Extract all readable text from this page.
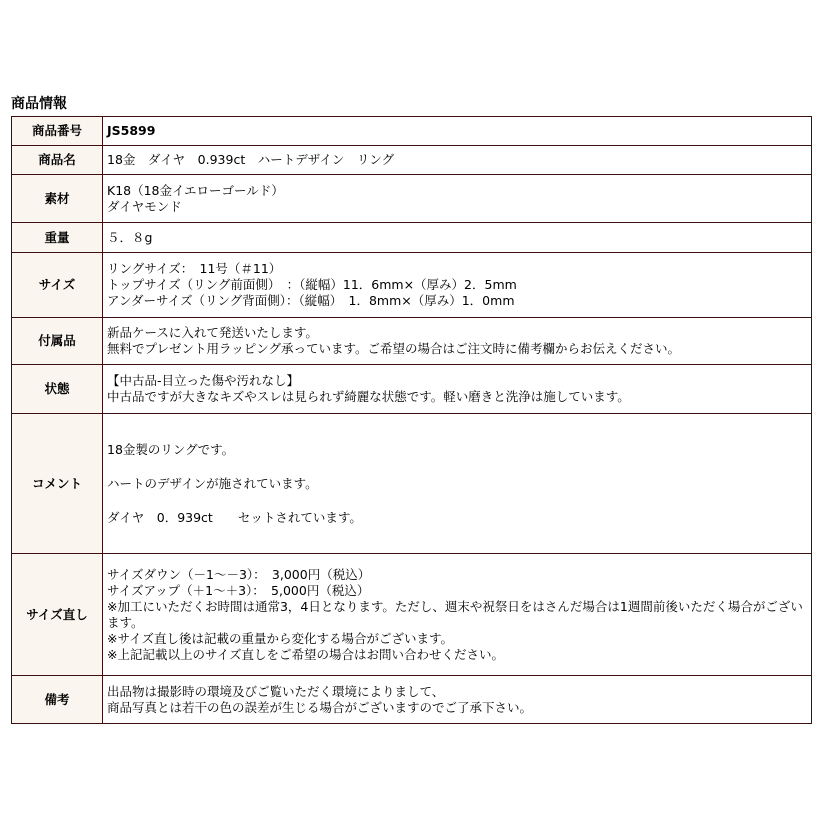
商品情報
商品番号	JS5899
商品名	18金　ダイヤ　0.939ct　ハートデザイン　リング
素材	K18（18金イエローゴールド）
ダイヤモンド

重量	５．８g
サイズ	リングサイズ：　11号（＃11）
トップサイズ（リング前面側）　：（縦幅）11．6mm×（厚み）2．5mm
アンダーサイズ（リング背面側）：（縦幅）　1．8mm×（厚み）1．0mm

付属品	新品ケースに入れて発送いたします。
無料でプレゼント用ラッピング承っています。ご希望の場合はご注文時に備考欄からお伝えください。

状態	【中古品-目立った傷や汚れなし】
中古品ですが大きなキズやスレは見られず綺麗な状態です。軽い磨きと洗浄は施しています。

コメント	18金製のリングです。
ハートのデザインが施されています。
ダイヤ　0．939ct　　セットされています。

サイズ直し	サイズダウン（－1～－3）：　3,000円（税込）
サイズアップ（＋1～＋3）：　5,000円（税込）
※加工にいただくお時間は通常3，4日となります。ただし、週末や祝祭日をはさんだ場合は1週間前後いただく場合がございます。
※サイズ直し後は記載の重量から変化する場合がございます。
※上記記載以上のサイズ直しをご希望の場合はお問い合わせください。

備考	出品物は撮影時の環境及びご覧いただく環境によりまして、
商品写真とは若干の色の誤差が生じる場合がございますのでご了承下さい。
